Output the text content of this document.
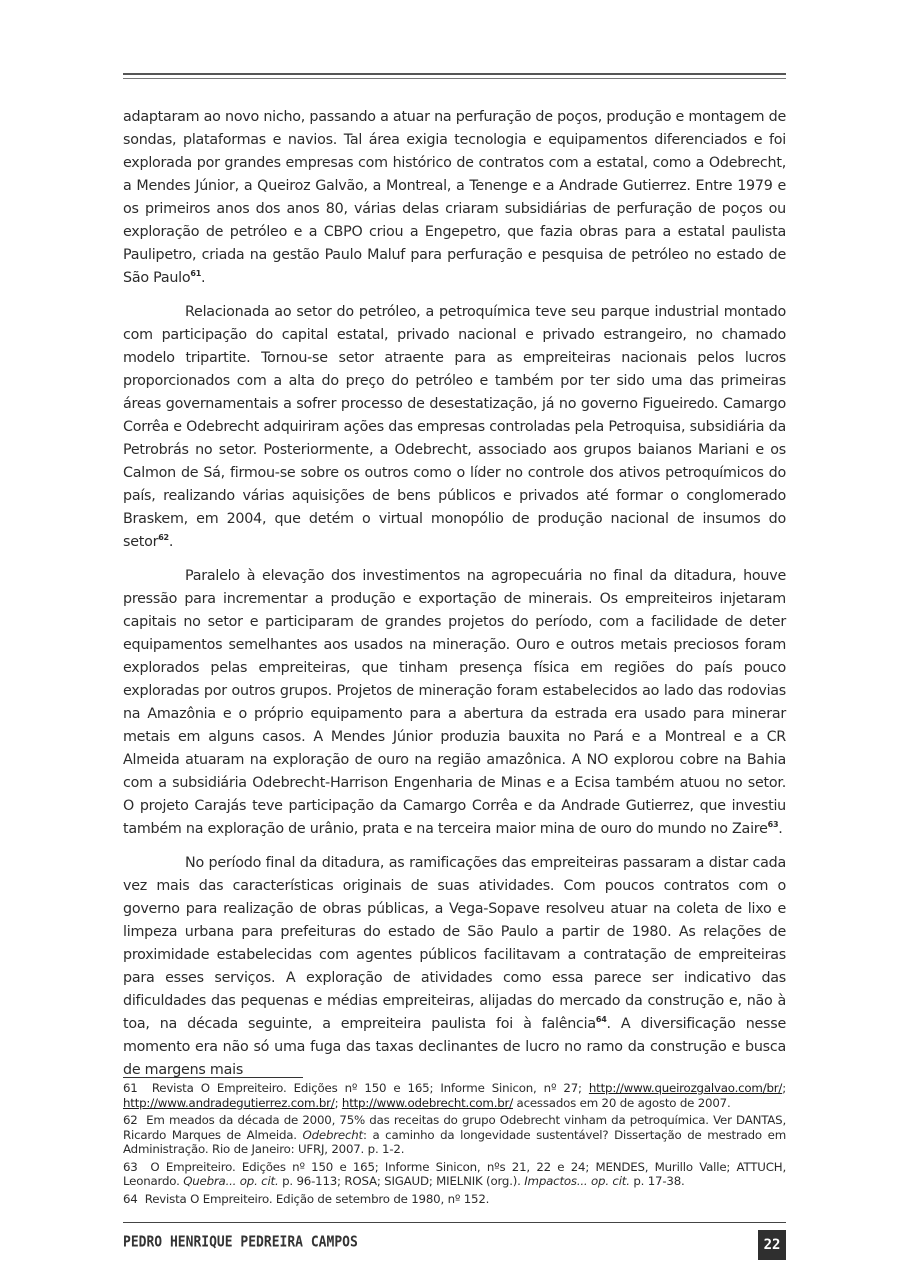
adaptaram ao novo nicho, passando a atuar na perfuração de poços, produção e montagem de sondas, plataformas e navios. Tal área exigia tecnologia e equipamentos diferenciados e foi explorada por grandes empresas com histórico de contratos com a estatal, como a Odebrecht, a Mendes Júnior, a Queiroz Galvão, a Montreal, a Tenenge e a Andrade Gutierrez. Entre 1979 e os primeiros anos dos anos 80, várias delas criaram subsidiárias de perfuração de poços ou exploração de petróleo e a CBPO criou a Engepetro, que fazia obras para a estatal paulista Paulipetro, criada na gestão Paulo Maluf para perfuração e pesquisa de petróleo no estado de São Paulo$^{61}$.

Relacionada ao setor do petróleo, a petroquímica teve seu parque industrial montado com participação do capital estatal, privado nacional e privado estrangeiro, no chamado modelo tripartite. Tornou-se setor atraente para as empreiteiras nacionais pelos lucros proporcionados com a alta do preço do petróleo e também por ter sido uma das primeiras áreas governamentais a sofrer processo de desestatização, já no governo Figueiredo. Camargo Corrêa e Odebrecht adquiriram ações das empresas controladas pela Petroquisa, subsidiária da Petrobrás no setor. Posteriormente, a Odebrecht, associado aos grupos baianos Mariani e os Calmon de Sá, firmou-se sobre os outros como o líder no controle dos ativos petroquímicos do país, realizando várias aquisições de bens públicos e privados até formar o conglomerado Braskem, em 2004, que detém o virtual monopólio de produção nacional de insumos do setor$^{62}$.

Paralelo à elevação dos investimentos na agropecuária no final da ditadura, houve pressão para incrementar a produção e exportação de minerais. Os empreiteiros injetaram capitais no setor e participaram de grandes projetos do período, com a facilidade de deter equipamentos semelhantes aos usados na mineração. Ouro e outros metais preciosos foram explorados pelas empreiteiras, que tinham presença física em regiões do país pouco exploradas por outros grupos. Projetos de mineração foram estabelecidos ao lado das rodovias na Amazônia e o próprio equipamento para a abertura da estrada era usado para minerar metais em alguns casos. A Mendes Júnior produzia bauxita no Pará e a Montreal e a CR Almeida atuaram na exploração de ouro na região amazônica. A NO explorou cobre na Bahia com a subsidiária Odebrecht-Harrison Engenharia de Minas e a Ecisa também atuou no setor. O projeto Carajás teve participação da Camargo Corrêa e da Andrade Gutierrez, que investiu também na exploração de urânio, prata e na terceira maior mina de ouro do mundo no Zaire$^{63}$.

No período final da ditadura, as ramificações das empreiteiras passaram a distar cada vez mais das características originais de suas atividades. Com poucos contratos com o governo para realização de obras públicas, a Vega-Sopave resolveu atuar na coleta de lixo e limpeza urbana para prefeituras do estado de São Paulo a partir de 1980. As relações de proximidade estabelecidas com agentes públicos facilitavam a contratação de empreiteiras para esses serviços. A exploração de atividades como essa parece ser indicativo das dificuldades das pequenas e médias empreiteiras, alijadas do mercado da construção e, não à toa, na década seguinte, a empreiteira paulista foi à falência$^{64}$. A diversificação nesse momento era não só uma fuga das taxas declinantes de lucro no ramo da construção e busca de margens mais

61 Revista O Empreiteiro. Edições nº 150 e 165; Informe Sinicon, nº 27; http://www.queirozgalvao.com/br/; http://www.andradegutierrez.com.br/; http://www.odebrecht.com.br/ acessados em 20 de agosto de 2007.

62 Em meados da década de 2000, 75% das receitas do grupo Odebrecht vinham da petroquímica. Ver DANTAS, Ricardo Marques de Almeida. Odebrecht: a caminho da longevidade sustentável? Dissertação de mestrado em Administração. Rio de Janeiro: UFRJ, 2007. p. 1-2.

63 O Empreiteiro. Edições nº 150 e 165; Informe Sinicon, nºs 21, 22 e 24; MENDES, Murillo Valle; ATTUCH, Leonardo. Quebra... op. cit. p. 96-113; ROSA; SIGAUD; MIELNIK (org.). Impactos... op. cit. p. 17-38.

64 Revista O Empreiteiro. Edição de setembro de 1980, nº 152.

PEDRO HENRIQUE PEDREIRA CAMPOS	22
